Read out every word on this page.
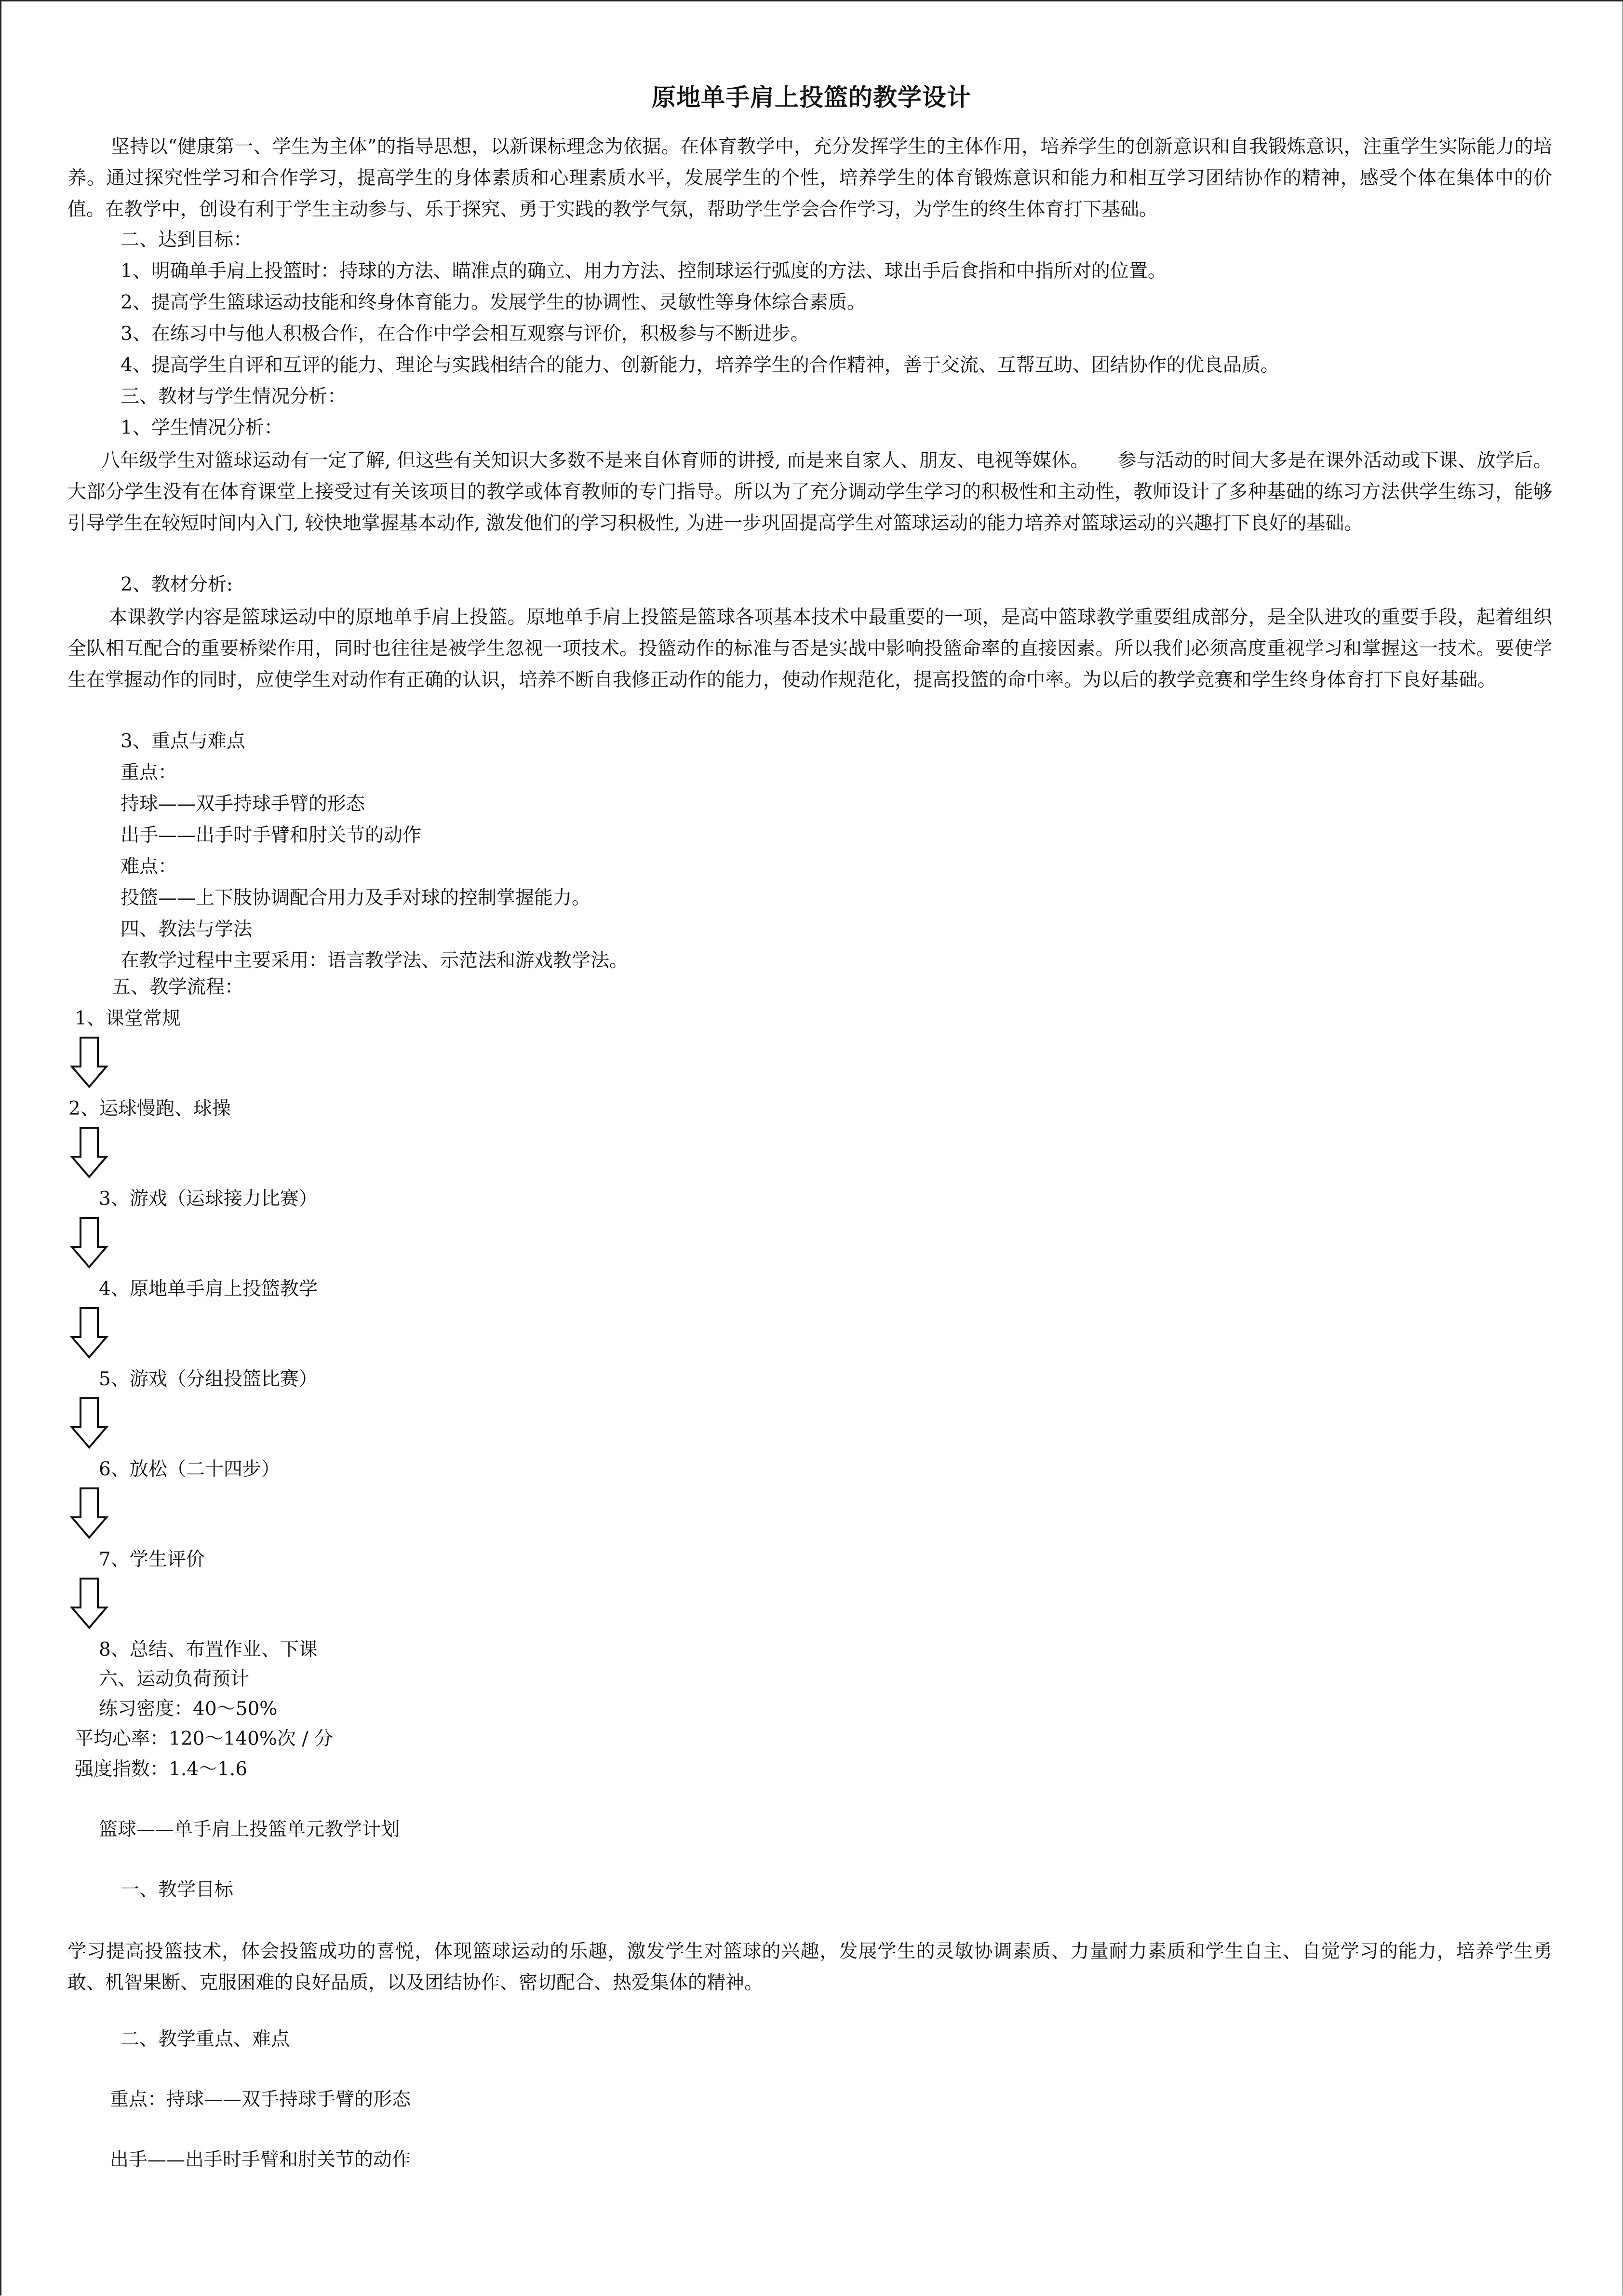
原地单手肩上投篮的教学设计
坚持以“健康第一、学生为主体”的指导思想，以新课标理念为依据。在体育教学中，充分发挥学生的主体作用，培养学生的创新意识和自我锻炼意识，注重学生实际能力的培养。通过探究性学习和合作学习，提高学生的身体素质和心理素质水平，发展学生的个性，培养学生的体育锻炼意识和能力和相互学习团结协作的精神，感受个体在集体中的价值。在教学中，创设有利于学生主动参与、乐于探究、勇于实践的教学气氛，帮助学生学会合作学习，为学生的终生体育打下基础。
二、达到目标：
1、明确单手肩上投篮时：持球的方法、瞄准点的确立、用力方法、控制球运行弧度的方法、球出手后食指和中指所对的位置。
2、提高学生篮球运动技能和终身体育能力。发展学生的协调性、灵敏性等身体综合素质。
3、在练习中与他人积极合作，在合作中学会相互观察与评价，积极参与不断进步。
4、提高学生自评和互评的能力、理论与实践相结合的能力、创新能力，培养学生的合作精神，善于交流、互帮互助、团结协作的优良品质。
三、教材与学生情况分析：
1、学生情况分析：
八年级学生对篮球运动有一定了解, 但这些有关知识大多数不是来自体育师的讲授, 而是来自家人、朋友、电视等媒体。　　参与活动的时间大多是在课外活动或下课、放学后。大部分学生没有在体育课堂上接受过有关该项目的教学或体育教师的专门指导。所以为了充分调动学生学习的积极性和主动性，教师设计了多种基础的练习方法供学生练习，能够引导学生在较短时间内入门, 较快地掌握基本动作, 激发他们的学习积极性, 为进一步巩固提高学生对篮球运动的能力培养对篮球运动的兴趣打下良好的基础。
2、教材分析:
本课教学内容是篮球运动中的原地单手肩上投篮。原地单手肩上投篮是篮球各项基本技术中最重要的一项，是高中篮球教学重要组成部分，是全队进攻的重要手段，起着组织全队相互配合的重要桥梁作用，同时也往往是被学生忽视一项技术。投篮动作的标准与否是实战中影响投篮命率的直接因素。所以我们必须高度重视学习和掌握这一技术。要使学生在掌握动作的同时，应使学生对动作有正确的认识，培养不断自我修正动作的能力，使动作规范化，提高投篮的命中率。为以后的教学竞赛和学生终身体育打下良好基础。
3、重点与难点
重点：
持球——双手持球手臂的形态
出手——出手时手臂和肘关节的动作
难点：
投篮——上下肢协调配合用力及手对球的控制掌握能力。
四、教法与学法
在教学过程中主要采用：语言教学法、示范法和游戏教学法。
五、教学流程：
1、课堂常规
2、运球慢跑、球操
3、游戏（运球接力比赛）
4、原地单手肩上投篮教学
5、游戏（分组投篮比赛）
6、放松（二十四步）
7、学生评价
8、总结、布置作业、下课
六、运动负荷预计
练习密度：40～50%
平均心率：120～140%次 / 分
强度指数：1.4～1.6
篮球——单手肩上投篮单元教学计划
一、教学目标
学习提高投篮技术，体会投篮成功的喜悦，体现篮球运动的乐趣，激发学生对篮球的兴趣，发展学生的灵敏协调素质、力量耐力素质和学生自主、自觉学习的能力，培养学生勇敢、机智果断、克服困难的良好品质，以及团结协作、密切配合、热爱集体的精神。
二、教学重点、难点
重点：持球——双手持球手臂的形态
出手——出手时手臂和肘关节的动作
